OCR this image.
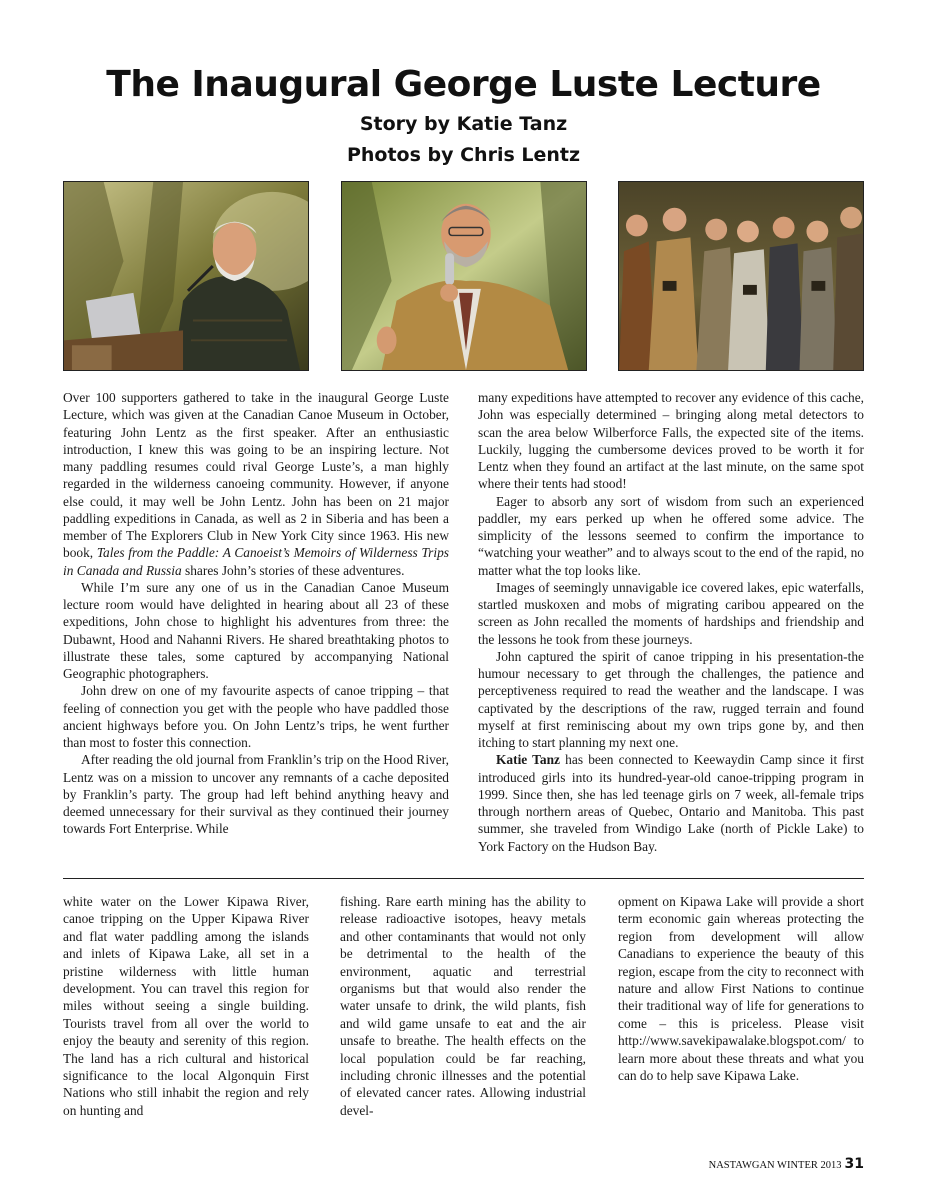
The Inaugural George Luste Lecture
Story by Katie Tanz
Photos by Chris Lentz

Over 100 supporters gathered to take in the inaugural George Luste Lecture, which was given at the Canadian Canoe Museum in October, featuring John Lentz as the first speaker. After an enthusiastic introduction, I knew this was going to be an inspiring lecture. Not many paddling resumes could rival George Luste’s, a man highly regarded in the wilderness canoeing community. However, if anyone else could, it may well be John Lentz. John has been on 21 major paddling expeditions in Canada, as well as 2 in Siberia and has been a member of The Explorers Club in New York City since 1963. His new book, Tales from the Paddle: A Canoeist’s Memoirs of Wilderness Trips in Canada and Russia shares John’s stories of these adventures.

While I’m sure any one of us in the Canadian Canoe Museum lecture room would have delighted in hearing about all 23 of these expeditions, John chose to highlight his adventures from three: the Dubawnt, Hood and Nahanni Rivers. He shared breathtaking photos to illustrate these tales, some captured by accompanying National Geographic photographers.

John drew on one of my favourite aspects of canoe tripping – that feeling of connection you get with the people who have paddled those ancient highways before you. On John Lentz’s trips, he went further than most to foster this connection.

After reading the old journal from Franklin’s trip on the Hood River, Lentz was on a mission to uncover any remnants of a cache deposited by Franklin’s party. The group had left behind anything heavy and deemed unnecessary for their survival as they continued their journey towards Fort Enterprise. While

many expeditions have attempted to recover any evidence of this cache, John was especially determined – bringing along metal detectors to scan the area below Wilberforce Falls, the expected site of the items. Luckily, lugging the cumbersome devices proved to be worth it for Lentz when they found an artifact at the last minute, on the same spot where their tents had stood!

Eager to absorb any sort of wisdom from such an experienced paddler, my ears perked up when he offered some advice. The simplicity of the lessons seemed to confirm the importance to “watching your weather” and to always scout to the end of the rapid, no matter what the top looks like.

Images of seemingly unnavigable ice covered lakes, epic waterfalls, startled muskoxen and mobs of migrating caribou appeared on the screen as John recalled the moments of hardships and friendship and the lessons he took from these journeys.

John captured the spirit of canoe tripping in his presentation-the humour necessary to get through the challenges, the patience and perceptiveness required to read the weather and the landscape. I was captivated by the descriptions of the raw, rugged terrain and found myself at first reminiscing about my own trips gone by, and then itching to start planning my next one.

Katie Tanz has been connected to Keewaydin Camp since it first introduced girls into its hundred-year-old canoe-tripping program in 1999. Since then, she has led teenage girls on 7 week, all-female trips through northern areas of Quebec, Ontario and Manitoba. This past summer, she traveled from Windigo Lake (north of Pickle Lake) to York Factory on the Hudson Bay.

white water on the Lower Kipawa River, canoe tripping on the Upper Kipawa River and flat water paddling among the islands and inlets of Kipawa Lake, all set in a pristine wilderness with little human development. You can travel this region for miles without seeing a single building. Tourists travel from all over the world to enjoy the beauty and serenity of this region. The land has a rich cultural and historical significance to the local Algonquin First Nations who still inhabit the region and rely on hunting and

fishing. Rare earth mining has the ability to release radioactive isotopes, heavy metals and other contaminants that would not only be detrimental to the health of the environment, aquatic and terrestrial organisms but that would also render the water unsafe to drink, the wild plants, fish and wild game unsafe to eat and the air unsafe to breathe. The health effects on the local population could be far reaching, including chronic illnesses and the potential of elevated cancer rates. Allowing industrial devel-

opment on Kipawa Lake will provide a short term economic gain whereas protecting the region from development will allow Canadians to experience the beauty of this region, escape from the city to reconnect with nature and allow First Nations to continue their traditional way of life for generations to come – this is priceless. Please visit http://www.savekipawalake.blogspot.com/ to learn more about these threats and what you can do to help save Kipawa Lake.

NASTAWGAN WINTER 2013 31
